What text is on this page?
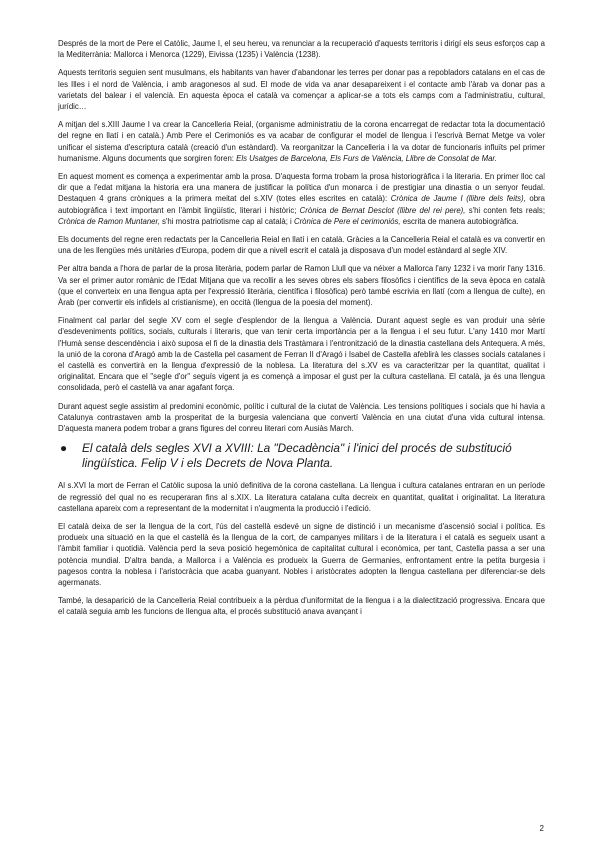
Després de la mort de Pere el Catòlic, Jaume I, el seu hereu, va renunciar a la recuperació d'aquests territoris i dirigí els seus esforços cap a la Mediterrània: Mallorca i Menorca (1229), Eivissa (1235) i València (1238).

Aquests territoris seguien sent musulmans, els habitants van haver d'abandonar les terres per donar pas a repobladors catalans en el cas de les Illes i el nord de València, i amb aragonesos al sud. El mode de vida va anar desapareixent i el contacte amb l'àrab va donar pas a varietats del balear i el valencià. En aquesta època el català va començar a aplicar-se a tots els camps com a l'administratiu, cultural, jurídic…

A mitjan del s.XIII Jaume I va crear la Cancelleria Reial, (organisme administratiu de la corona encarregat de redactar tota la documentació del regne en llatí i en català.) Amb Pere el Cerimoniós es va acabar de configurar el model de llengua i l'escrivà Bernat Metge va voler unificar el sistema d'escriptura català (creació d'un estàndard). Va reorganitzar la Cancelleria i la va dotar de funcionaris influïts pel primer humanisme. Alguns documents que sorgiren foren: Els Usatges de Barcelona, Els Furs de València, Llibre de Consolat de Mar.

En aquest moment es comença a experimentar amb la prosa. D'aquesta forma trobam la prosa historiogràfica i la literaria. En primer lloc cal dir que a l'edat mitjana la historia era una manera de justificar la política d'un monarca i de prestigiar una dinastia o un senyor feudal. Destaquen 4 grans cròniques a la primera meitat del s.XIV (totes elles escrites en català): Crònica de Jaume I (llibre dels feits), obra autobiogràfica i text important en l'àmbit lingüístic, literari i històric; Crònica de Bernat Desclot (llibre del rei pere), s'hi conten fets reals; Crònica de Ramon Muntaner, s'hi mostra patriotisme cap al català; i Crònica de Pere el cerimoniós, escrita de manera autobiogràfica.

Els documents del regne eren redactats per la Cancelleria Reial en llatí i en català. Gràcies a la Cancelleria Reial el català es va convertir en una de les llengües més unitàries d'Europa, podem dir que a nivell escrit el català ja disposava d'un model estàndard al segle XIV.

Per altra banda a l'hora de parlar de la prosa literària, podem parlar de Ramon Llull que va néixer a Mallorca l'any 1232 i va morir l'any 1316. Va ser el primer autor romànic de l'Edat Mitjana que va recollir a les seves obres els sabers filosòfics i científics de la seva època en català (que el converteix en una llengua apta per l'expressió literària, científica i filosòfica) però també escrivia en llatí (com a llengua de culte), en Àrab (per convertir els infidels al cristianisme), en occità (llengua de la poesia del moment).

Finalment cal parlar del segle XV com el segle d'esplendor de la llengua a València. Durant aquest segle es van produir una sèrie d'esdeveniments polítics, socials, culturals i literaris, que van tenir certa importància per a la llengua i el seu futur. L'any 1410 mor Martí l'Humà sense descendència i això suposa el fi de la dinastia dels Trastàmara i l'entronització de la dinastia castellana dels Antequera. A més, la unió de la corona d'Aragó amb la de Castella pel casament de Ferran II d'Aragó i Isabel de Castella afeblirà les classes socials catalanes i el castellà es convertirà en la llengua d'expressió de la noblesa. La literatura del s.XV es va caracteritzar per la quantitat, qualitat i originalitat. Encara que el "segle d'or" seguís vigent ja es començà a imposar el gust per la cultura castellana. El català, ja és una llengua consolidada, però el castellà va anar agafant força.

Durant aquest segle assistim al predomini econòmic, polític i cultural de la ciutat de València. Les tensions polítiques i socials que hi havia a Catalunya contrastaven amb la prosperitat de la burgesia valenciana que convertí València en una ciutat d'una vida cultural intensa. D'aquesta manera podem trobar a grans figures del conreu literari com Ausiàs March.

●	El català dels segles XVI a XVIII: La "Decadència" i l'inici del procés de substitució lingüística. Felip V i els Decrets de Nova Planta.

Al s.XVI la mort de Ferran el Catòlic suposa la unió definitiva de la corona castellana. La llengua i cultura catalanes entraran en un període de regressió del qual no es recuperaran fins al s.XIX. La literatura catalana culta decreix en quantitat, qualitat i originalitat. La literatura castellana apareix com a representant de la modernitat i n'augmenta la producció i l'edició.

El català deixa de ser la llengua de la cort, l'ús del castellà esdevé un signe de distinció i un mecanisme d'ascensió social i política. Es produeix una situació en la que el castellà és la llengua de la cort, de campanyes militars i de la literatura i el català es segueix usant a l'àmbit familiar i quotidià. València perd la seva posició hegemònica de capitalitat cultural i econòmica, per tant, Castella passa a ser una potència mundial. D'altra banda, a Mallorca i a València es produeix la Guerra de Germanies, enfrontament entre la petita burgesia i pagesos contra la noblesa i l'aristocràcia que acaba guanyant. Nobles i aristòcrates adopten la llengua castellana per diferenciar-se dels agermanats.

També, la desaparició de la Cancelleria Reial contribueix a la pèrdua d'uniformitat de la llengua i a la dialectització progressiva. Encara que el català seguia amb les funcions de llengua alta, el procés substitució anava avançant i

2
